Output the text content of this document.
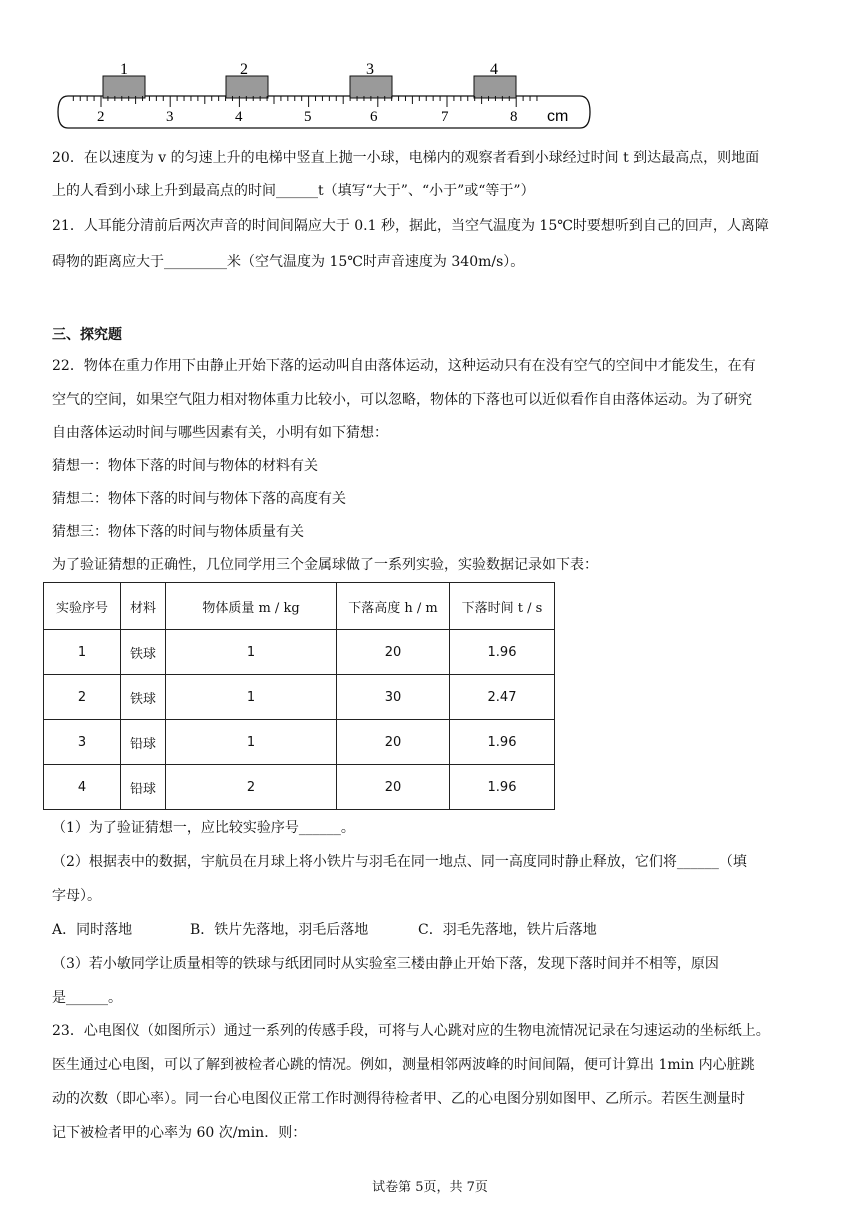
1	2	3	4
2	3	4	5	6	7	8 cm
20．在以速度为 v 的匀速上升的电梯中竖直上抛一小球，电梯内的观察者看到小球经过时间 t 到达最高点，则地面
上的人看到小球上升到最高点的时间______t（填写“大于”、“小于”或“等于”）
21．人耳能分清前后两次声音的时间间隔应大于 0.1 秒，据此，当空气温度为 15℃时要想听到自己的回声，人离障
碍物的距离应大于_________米（空气温度为 15℃时声音速度为 340m/s）。
三、探究题
22．物体在重力作用下由静止开始下落的运动叫自由落体运动，这种运动只有在没有空气的空间中才能发生，在有
空气的空间，如果空气阻力相对物体重力比较小，可以忽略，物体的下落也可以近似看作自由落体运动。为了研究
自由落体运动时间与哪些因素有关，小明有如下猜想：
猜想一：物体下落的时间与物体的材料有关
猜想二：物体下落的时间与物体下落的高度有关
猜想三：物体下落的时间与物体质量有关
为了验证猜想的正确性，几位同学用三个金属球做了一系列实验，实验数据记录如下表：
实验序号	材料	物体质量 m / kg	下落高度 h / m	下落时间 t / s
1	铁球	1	20	1.96
2	铁球	1	30	2.47
3	铅球	1	20	1.96
4	铅球	2	20	1.96
（1）为了验证猜想一，应比较实验序号______。
（2）根据表中的数据，宇航员在月球上将小铁片与羽毛在同一地点、同一高度同时静止释放，它们将______（填
字母）。
A．同时落地	B．铁片先落地，羽毛后落地	C．羽毛先落地，铁片后落地
（3）若小敏同学让质量相等的铁球与纸团同时从实验室三楼由静止开始下落，发现下落时间并不相等，原因
是______。
23．心电图仪（如图所示）通过一系列的传感手段，可将与人心跳对应的生物电流情况记录在匀速运动的坐标纸上。
医生通过心电图，可以了解到被检者心跳的情况。例如，测量相邻两波峰的时间间隔，便可计算出 1min 内心脏跳
动的次数（即心率）。同一台心电图仪正常工作时测得待检者甲、乙的心电图分别如图甲、乙所示。若医生测量时
记下被检者甲的心率为 60 次/min．则：
试卷第 5页，共 7页
